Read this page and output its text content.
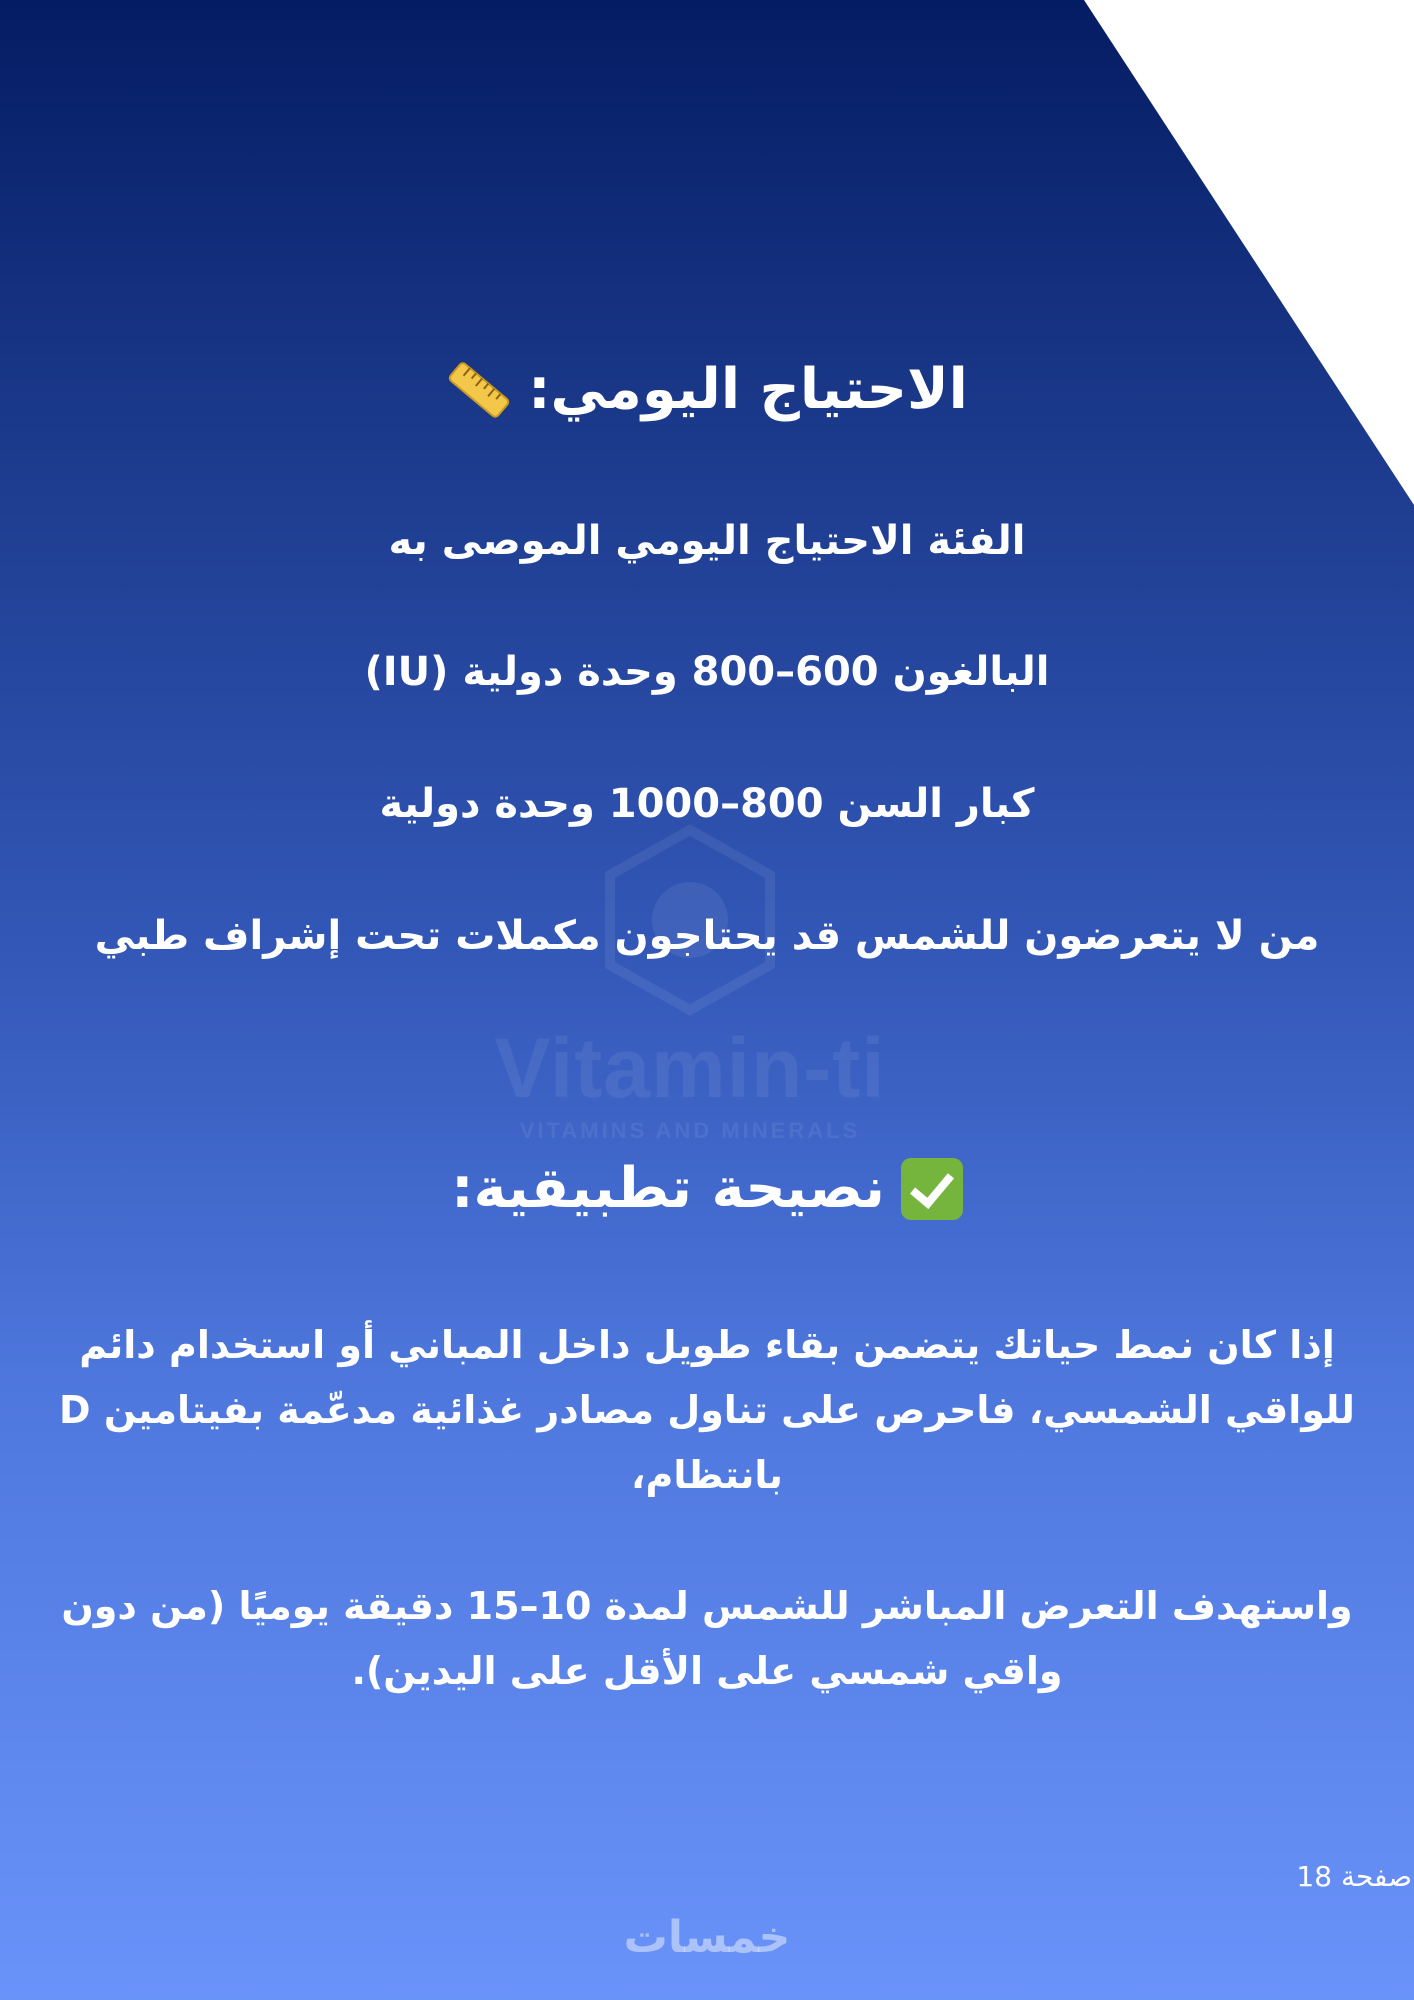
Vitamin-ti
VITAMINS AND MINERALS
الاحتياج اليومي:
الفئة الاحتياج اليومي الموصى به
البالغون 600–800 وحدة دولية (IU)
كبار السن 800–1000 وحدة دولية
من لا يتعرضون للشمس قد يحتاجون مكملات تحت إشراف طبي
نصيحة تطبيقية:
إذا كان نمط حياتك يتضمن بقاء طويل داخل المباني أو استخدام دائم للواقي الشمسي، فاحرص على تناول مصادر غذائية مدعّمة بفيتامين D بانتظام،
واستهدف التعرض المباشر للشمس لمدة 10–15 دقيقة يوميًا (من دون واقي شمسي على الأقل على اليدين).
صفحة 18
خمسات
